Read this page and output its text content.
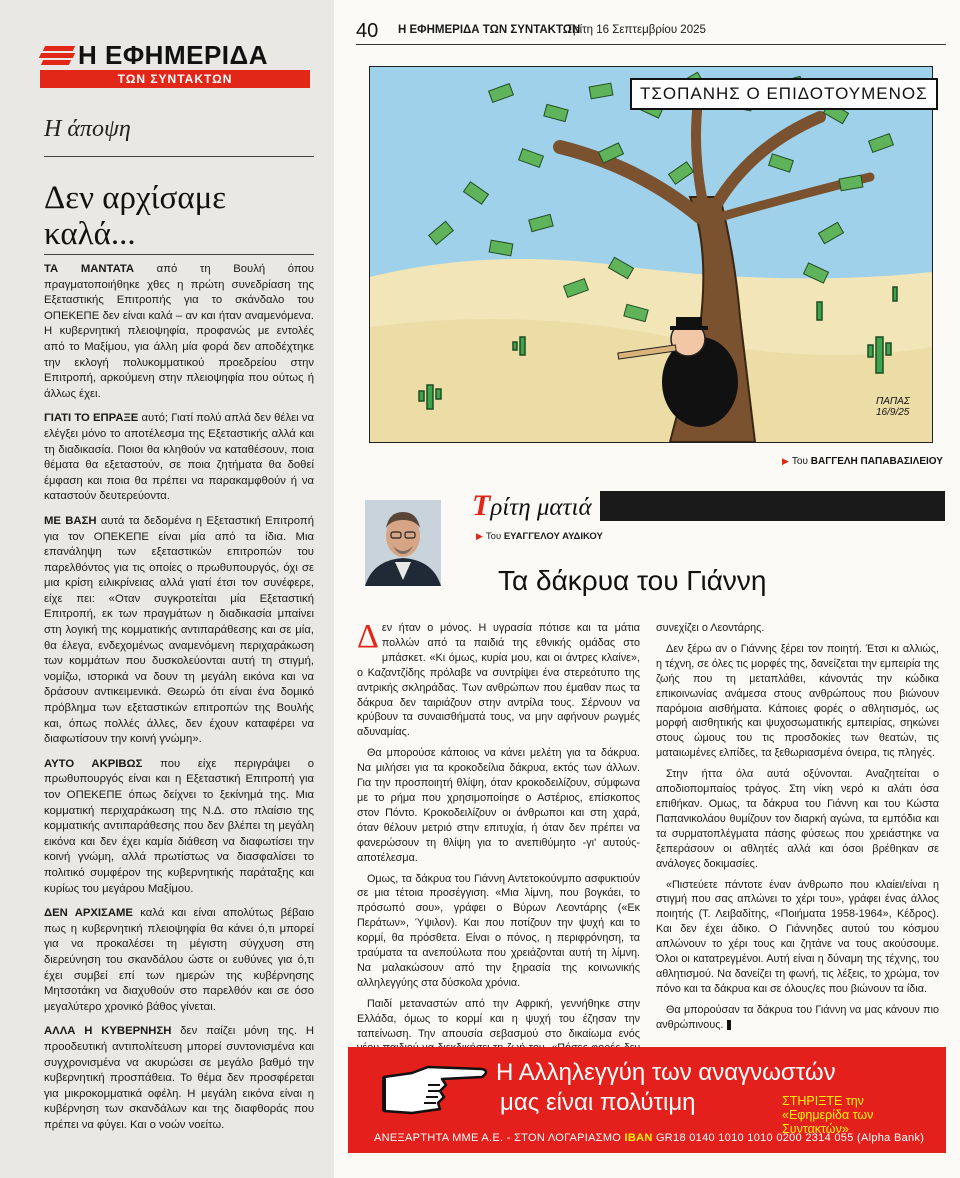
Η ΕΦΗΜΕΡΙΔΑ
ΤΩΝ ΣΥΝΤΑΚΤΩΝ
Η άποψη
Δεν αρχίσαμε καλά...

ΤΑ ΜΑΝΤΑΤΑ από τη Βουλή όπου πραγματοποιήθηκε χθες η πρώτη συνεδρίαση της Εξεταστικής Επιτροπής για το σκάνδαλο του ΟΠΕΚΕΠΕ δεν είναι καλά – αν και ήταν αναμενόμενα. Η κυβερνητική πλειοψηφία, προφανώς με εντολές από το Μαξίμου, για άλλη μία φορά δεν αποδέχτηκε την εκλογή πολυκομματικού προεδρείου στην Επιτροπή, αρκούμενη στην πλειοψηφία που ούτως ή άλλως έχει.

ΓΙΑΤΙ ΤΟ ΕΠΡΑΞΕ αυτό; Γιατί πολύ απλά δεν θέλει να ελέγξει μόνο το αποτέλεσμα της Εξεταστικής αλλά και τη διαδικασία. Ποιοι θα κληθούν να καταθέσουν, ποια θέματα θα εξεταστούν, σε ποια ζητήματα θα δοθεί έμφαση και ποια θα πρέπει να παρακαμφθούν ή να καταστούν δευτερεύοντα.

ΜΕ ΒΑΣΗ αυτά τα δεδομένα η Εξεταστική Επιτροπή για τον ΟΠΕΚΕΠΕ είναι μία από τα ίδια. Μια επανάληψη των εξεταστικών επιτροπών του παρελθόντος για τις οποίες ο πρωθυπουργός, όχι σε μια κρίση ειλικρίνειας αλλά γιατί έτσι τον συνέφερε, είχε πει: «Οταν συγκροτείται μία Εξεταστική Επιτροπή, εκ των πραγμάτων η διαδικασία μπαίνει στη λογική της κομματικής αντιπαράθεσης και σε μία, θα έλεγα, ενδεχομένως αναμενόμενη περιχαράκωση των κομμάτων που δυσκολεύονται αυτή τη στιγμή, νομίζω, ιστορικά να δουν τη μεγάλη εικόνα και να δράσουν αντικειμενικά. Θεωρώ ότι είναι ένα δομικό πρόβλημα των εξεταστικών επιτροπών της Βουλής και, όπως πολλές άλλες, δεν έχουν καταφέρει να διαφωτίσουν την κοινή γνώμη».

ΑΥΤΟ ΑΚΡΙΒΩΣ που είχε περιγράψει ο πρωθυπουργός είναι και η Εξεταστική Επιτροπή για τον ΟΠΕΚΕΠΕ όπως δείχνει το ξεκίνημά της. Μια κομματική περιχαράκωση της Ν.Δ. στο πλαίσιο της κομματικής αντιπαράθεσης που δεν βλέπει τη μεγάλη εικόνα και δεν έχει καμία διάθεση να διαφωτίσει την κοινή γνώμη, αλλά πρωτίστως να διασφαλίσει το πολιτικό συμφέρον της κυβερνητικής παράταξης και κυρίως του μεγάρου Μαξίμου.

ΔΕΝ ΑΡΧΙΣΑΜΕ καλά και είναι απολύτως βέβαιο πως η κυβερνητική πλειοψηφία θα κάνει ό,τι μπορεί για να προκαλέσει τη μέγιστη σύγχυση στη διερεύνηση του σκανδάλου ώστε οι ευθύνες για ό,τι έχει συμβεί επί των ημερών της κυβέρνησης Μητσοτάκη να διαχυθούν στο παρελθόν και σε όσο μεγαλύτερο χρονικό βάθος γίνεται.

ΑΛΛΑ Η ΚΥΒΕΡΝΗΣΗ δεν παίζει μόνη της. Η προοδευτική αντιπολίτευση μπορεί συντονισμένα και συγχρονισμένα να ακυρώσει σε μεγάλο βαθμό την κυβερνητική προσπάθεια. Το θέμα δεν προσφέρεται για μικροκομματικά οφέλη. Η μεγάλη εικόνα είναι η κυβέρνηση των σκανδάλων και της διαφθοράς που πρέπει να φύγει. Και ο νοών νοείτω.

40 Η ΕΦΗΜΕΡΙΔΑ ΤΩΝ ΣΥΝΤΑΚΤΩΝ
Τρίτη 16 Σεπτεμβρίου 2025
ΤΣΟΠΑΝΗΣ Ο ΕΠΙΔΟΤΟΥΜΕΝΟΣ
ΠΑΠΑΣ 16/9/25
▶ Του ΒΑΓΓΕΛΗ ΠΑΠΑΒΑΣΙΛΕΙΟΥ
Τρίτη ματιά
▶ Του ΕΥΑΓΓΕΛΟΥ ΑΥΔΙΚΟΥ
Τα δάκρυα του Γιάννη

Δεν ήταν ο μόνος. Η υγρασία πότισε και τα μάτια πολλών από τα παιδιά της εθνικής ομάδας στο μπάσκετ. «Κι όμως, κυρία μου, και οι άντρες κλαίνε», ο Καζαντζίδης πρόλαβε να συντρίψει ένα στερεότυπο της αντρικής σκληράδας. Των ανθρώπων που έμαθαν πως τα δάκρυα δεν ταιριάζουν στην αντρίλα τους. Σέρνουν να κρύβουν τα συναισθήματά τους, να μην αφήνουν ρωγμές αδυναμίας.

Θα μπορούσε κάποιος να κάνει μελέτη για τα δάκρυα. Να μιλήσει για τα κροκοδείλια δάκρυα, εκτός των άλλων. Για την προσποιητή θλίψη, όταν κροκοδειλίζουν, σύμφωνα με το ρήμα που χρησιμοποίησε ο Αστέριος, επίσκοπος στον Πόντο. Κροκοδειλίζουν οι άνθρωποι και στη χαρά, όταν θέλουν μετριό στην επιτυχία, ή όταν δεν πρέπει να φανερώσουν τη θλίψη για το ανεπιθύμητο -γι' αυτούς- αποτέλεσμα.

Ομως, τα δάκρυα του Γιάννη Αντετοκούνμπο ασφυκτιούν σε μια τέτοια προσέγγιση. «Μια λίμνη, που βογκάει, το πρόσωπό σου», γράφει ο Βύρων Λεοντάρης («Εκ Περάτων», Ύψιλον). Και που ποτίζουν την ψυχή και το κορμί, θα πρόσθετα. Είναι ο πόνος, η περιφρόνηση, τα τραύματα τα ανεπούλωτα που χρειάζονται αυτή τη λίμνη. Να μαλακώσουν από την ξηρασία της κοινωνικής αλληλεγγύης στα δύσκολα χρόνια.

Παιδί μεταναστών από την Αφρική, γεννήθηκε στην Ελλάδα, όμως το κορμί και η ψυχή του έζησαν την ταπείνωση. Την απουσία σεβασμού στο δικαίωμα ενός

συνεχίζει ο Λεοντάρης.

Δεν ξέρω αν ο Γιάννης ξέρει τον ποιητή. Έτσι κι αλλιώς, η τέχνη, σε όλες τις μορφές της, δανείζεται την εμπειρία της ζωής που τη μεταπλάθει, κάνοντάς την κώδικα επικοινωνίας ανάμεσα στους ανθρώπους που βιώνουν παρόμοια αισθήματα. Κάποιες φορές ο αθλητισμός, ως μορφή αισθητικής και ψυχοσωματικής εμπειρίας, σηκώνει στους ώμους του τις προσδοκίες των θεατών, τις ματαιωμένες ελπίδες, τα ξεθωριασμένα όνειρα, τις πληγές.

Στην ήττα όλα αυτά οξύνονται. Αναζητείται ο αποδιοπομπαίος τράγος. Στη νίκη νερό κι αλάτι όσα επιθήκαν. Ομως, τα δάκρυα του Γιάννη και του Κώστα Παπανικολάου θυμίζουν τον διαρκή αγώνα, τα εμπόδια και τα συρματοπλέγματα πάσης φύσεως που χρειάστηκε να ξεπεράσουν οι αθλητές αλλά και όσοι βρέθηκαν σε ανάλογες δοκιμασίες.

«Πιστεύετε πάντοτε έναν άνθρωπο που κλαίει/είναι η στιγμή που σας απλώνει το χέρι του», γράφει ένας άλλος ποιητής (Τ. Λειβαδίτης, «Ποιήματα 1958-1964», Κέδρος). Και δεν έχει άδικο. Ο Γιάννηδες αυτού του κόσμου απλώνουν το χέρι τους και ζητάνε να τους ακούσουμε. Όλοι οι κατατρεγμένοι. Αυτή είναι η δύναμη της τέχνης, του αθλητισμού. Να δανείζει τη φωνή, τις λέξεις, το χρώμα, τον πόνο και τα δάκρυα και σε όλους/ες που βιώνουν τα ίδια.

Θα μπορούσαν τα δάκρυα του Γιάννη να μας κάνουν πιο ανθρώπινους.

Η Αλληλεγγύη των αναγνωστών
μας είναι πολύτιμη	ΣΤΗΡΙΞΤΕ την «Εφημερίδα των Συντακτών»
ΑΝΕΞΑΡΤΗΤΑ ΜΜΕ Α.Ε. - ΣΤΟΝ ΛΟΓΑΡΙΑΣΜΟ IBAN GR18 0140 1010 1010 0200 2314 055 (Alpha Bank)
